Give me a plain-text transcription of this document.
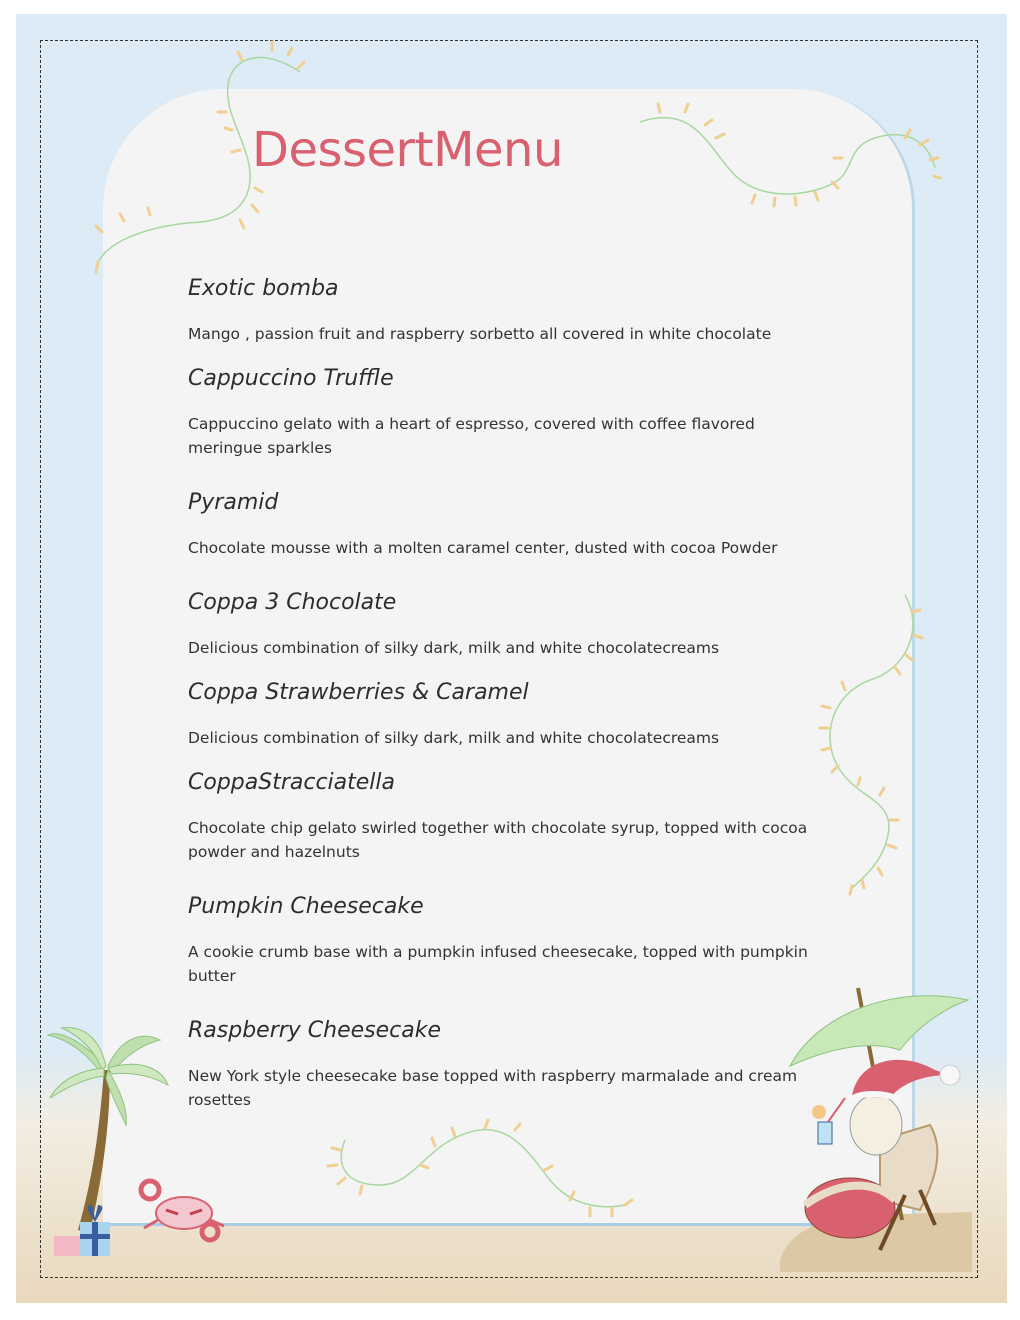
DessertMenu
Exotic bomba

Mango , passion fruit and raspberry sorbetto all covered in white chocolate

Cappuccino Truffle

Cappuccino gelato with a heart of espresso, covered with coffee flavored meringue sparkles

Pyramid

Chocolate mousse with a molten caramel center, dusted with cocoa Powder

Coppa 3 Chocolate

Delicious combination of silky dark, milk and white chocolatecreams

Coppa Strawberries & Caramel

Delicious combination of silky dark, milk and white chocolatecreams

CoppaStracciatella

Chocolate chip gelato swirled together with chocolate syrup, topped with cocoa powder and hazelnuts

Pumpkin Cheesecake

A cookie crumb base with a pumpkin infused cheesecake, topped with pumpkin butter

Raspberry Cheesecake

New York style cheesecake base topped with raspberry marmalade and cream rosettes
